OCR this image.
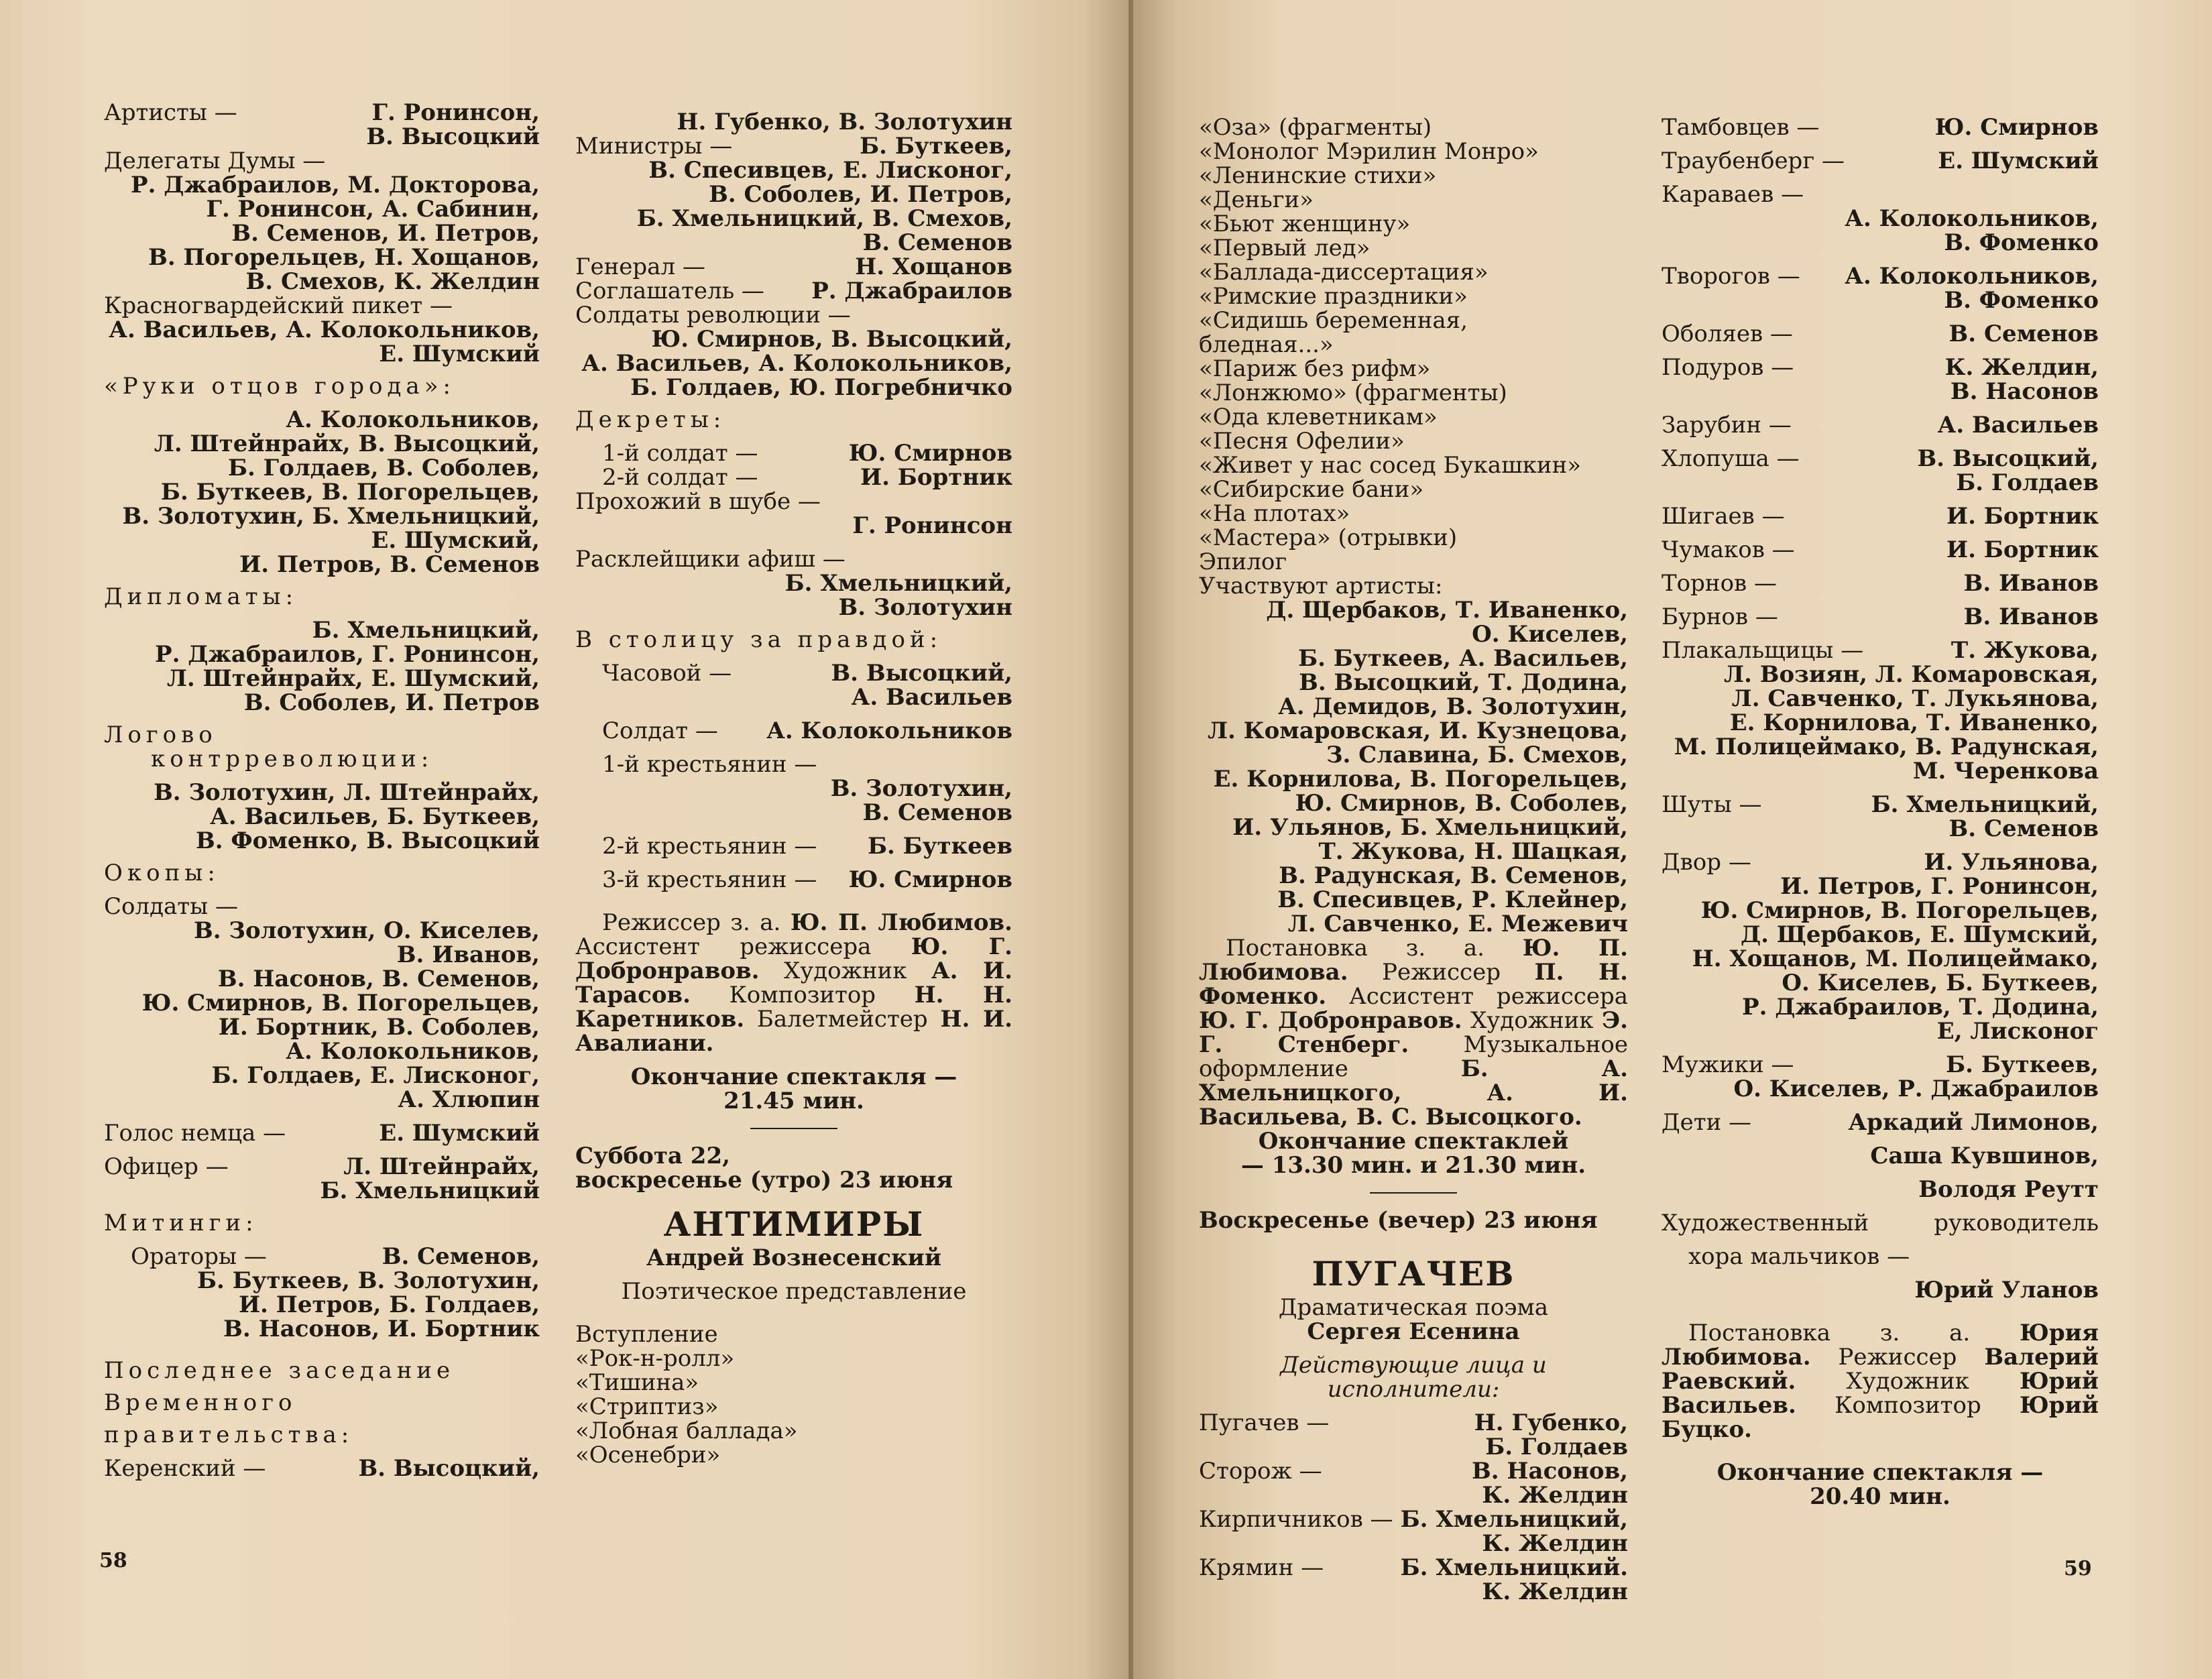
Артисты —	Г. Ронинсон,
В. Высоцкий
Делегаты Думы —
Р. Джабраилов, М. Докторова,
Г. Ронинсон, А. Сабинин,
В. Семенов, И. Петров,
В. Погорельцев, Н. Хощанов,
В. Смехов, К. Желдин
Красногвардейский пикет —
А. Васильев, А. Колокольников,
Е. Шумский
«Руки отцов города»:
А. Колокольников,
Л. Штейнрайх, В. Высоцкий,
Б. Голдаев, В. Соболев,
Б. Буткеев, В. Погорельцев,
В. Золотухин, Б. Хмельницкий,
Е. Шумский,
И. Петров, В. Семенов
Дипломаты:
Б. Хмельницкий,
Р. Джабраилов, Г. Ронинсон,
Л. Штейнрайх, Е. Шумский,
В. Соболев, И. Петров
Логово
контрреволюции:
В. Золотухин, Л. Штейнрайх,
А. Васильев, Б. Буткеев,
В. Фоменко, В. Высоцкий
Окопы:
Солдаты —
В. Золотухин, О. Киселев,
В. Иванов,
В. Насонов, В. Семенов,
Ю. Смирнов, В. Погорельцев,
И. Бортник, В. Соболев,
А. Колокольников,
Б. Голдаев, Е. Лисконог,
А. Хлюпин
Голос немца —	Е. Шумский
Офицер —	Л. Штейнрайх,
Б. Хмельницкий
Митинги:
Ораторы —	В. Семенов,
Б. Буткеев, В. Золотухин,
И. Петров, Б. Голдаев,
В. Насонов, И. Бортник
Последнее заседание
Временного
правительства:
Керенский —	В. Высоцкий,
Н. Губенко, В. Золотухин
Министры —	Б. Буткеев,
В. Спесивцев, Е. Лисконог,
В. Соболев, И. Петров,
Б. Хмельницкий, В. Смехов,
В. Семенов
Генерал —	Н. Хощанов
Соглашатель — Р. Джабраилов
Солдаты революции —
Ю. Смирнов, В. Высоцкий,
А. Васильев, А. Колокольников,
Б. Голдаев, Ю. Погребничко
Декреты:
1-й солдат —	Ю. Смирнов
2-й солдат —	И. Бортник
Прохожий в шубе —
Г. Ронинсон
Расклейщики афиш —
Б. Хмельницкий,
В. Золотухин
В столицу за правдой:
Часовой —	В. Высоцкий,
А. Васильев
Солдат — А. Колокольников
1-й крестьянин —
В. Золотухин,
В. Семенов
2-й крестьянин — Б. Буткеев
3-й крестьянин — Ю. Смирнов
Режиссер з. а. Ю. П. Любимов. Ассистент режиссера Ю. Г. Добронравов. Художник А. И. Тарасов. Композитор Н. Н. Каретников. Балетмейстер Н. И. Авалиани.
Окончание спектакля —
21.45 мин.
Суббота 22,
воскресенье (утро) 23 июня
АНТИМИРЫ
Андрей Вознесенский
Поэтическое представление
Вступление
«Рок-н-ролл»
«Тишина»
«Стриптиз»
«Лобная баллада»
«Осенебри»
58
«Оза» (фрагменты)
«Монолог Мэрилин Монро»
«Ленинские стихи»
«Деньги»
«Бьют женщину»
«Первый лед»
«Баллада-диссертация»
«Римские праздники»
«Сидишь беременная,
бледная...»
«Париж без рифм»
«Лонжюмо» (фрагменты)
«Ода клеветникам»
«Песня Офелии»
«Живет у нас сосед Букашкин»
«Сибирские бани»
«На плотах»
«Мастера» (отрывки)
Эпилог
Участвуют артисты:
Д. Щербаков, Т. Иваненко,
О. Киселев,
Б. Буткеев, А. Васильев,
В. Высоцкий, Т. Додина,
А. Демидов, В. Золотухин,
Л. Комаровская, И. Кузнецова,
З. Славина, Б. Смехов,
Е. Корнилова, В. Погорельцев,
Ю. Смирнов, В. Соболев,
И. Ульянов, Б. Хмельницкий,
Т. Жукова, Н. Шацкая,
В. Радунская, В. Семенов,
В. Спесивцев, Р. Клейнер,
Л. Савченко, Е. Межевич
Постановка з. а. Ю. П. Любимова. Режиссер П. Н. Фоменко. Ассистент режиссера Ю. Г. Добронравов. Художник Э. Г. Стенберг. Музыкальное оформление Б. А. Хмельницкого, А. И. Васильева, В. С. Высоцкого.
Окончание спектаклей
— 13.30 мин. и 21.30 мин.
Воскресенье (вечер) 23 июня
ПУГАЧЕВ
Драматическая поэма
Сергея Есенина
Действующие лица и исполнители:
Пугачев —	Н. Губенко,
Б. Голдаев
Сторож —	В. Насонов,
К. Желдин
Кирпичников — Б. Хмельницкий,
К. Желдин
Крямин —	Б. Хмельницкий.
К. Желдин
Тамбовцев —	Ю. Смирнов
Траубенберг —	Е. Шумский
Караваев —
А. Колокольников,
В. Фоменко
Творогов — А. Колокольников,
В. Фоменко
Оболяев —	В. Семенов
Подуров —	К. Желдин,
В. Насонов
Зарубин —	А. Васильев
Хлопуша —	В. Высоцкий,
Б. Голдаев
Шигаев —	И. Бортник
Чумаков —	И. Бортник
Торнов —	В. Иванов
Бурнов —	В. Иванов
Плакальщицы —	Т. Жукова,
Л. Возиян, Л. Комаровская,
Л. Савченко, Т. Лукьянова,
Е. Корнилова, Т. Иваненко,
М. Полицеймако, В. Радунская,
М. Черенкова
Шуты —	Б. Хмельницкий,
В. Семенов
Двор —	И. Ульянова,
И. Петров, Г. Ронинсон,
Ю. Смирнов, В. Погорельцев,
Д. Щербаков, Е. Шумский,
Н. Хощанов, М. Полицеймако,
О. Киселев, Б. Буткеев,
Р. Джабраилов, Т. Додина,
Е, Лисконог
Мужики —	Б. Буткеев,
О. Киселев, Р. Джабраилов
Дети —	Аркадий Лимонов,
Саша Кувшинов,
Володя Реутт
Художественный	руководитель
хора мальчиков —
Юрий Уланов
Постановка з. а. Юрия Любимова. Режиссер Валерий Раевский. Художник Юрий Васильев. Композитор Юрий Буцко.
Окончание спектакля —
20.40 мин.
59
